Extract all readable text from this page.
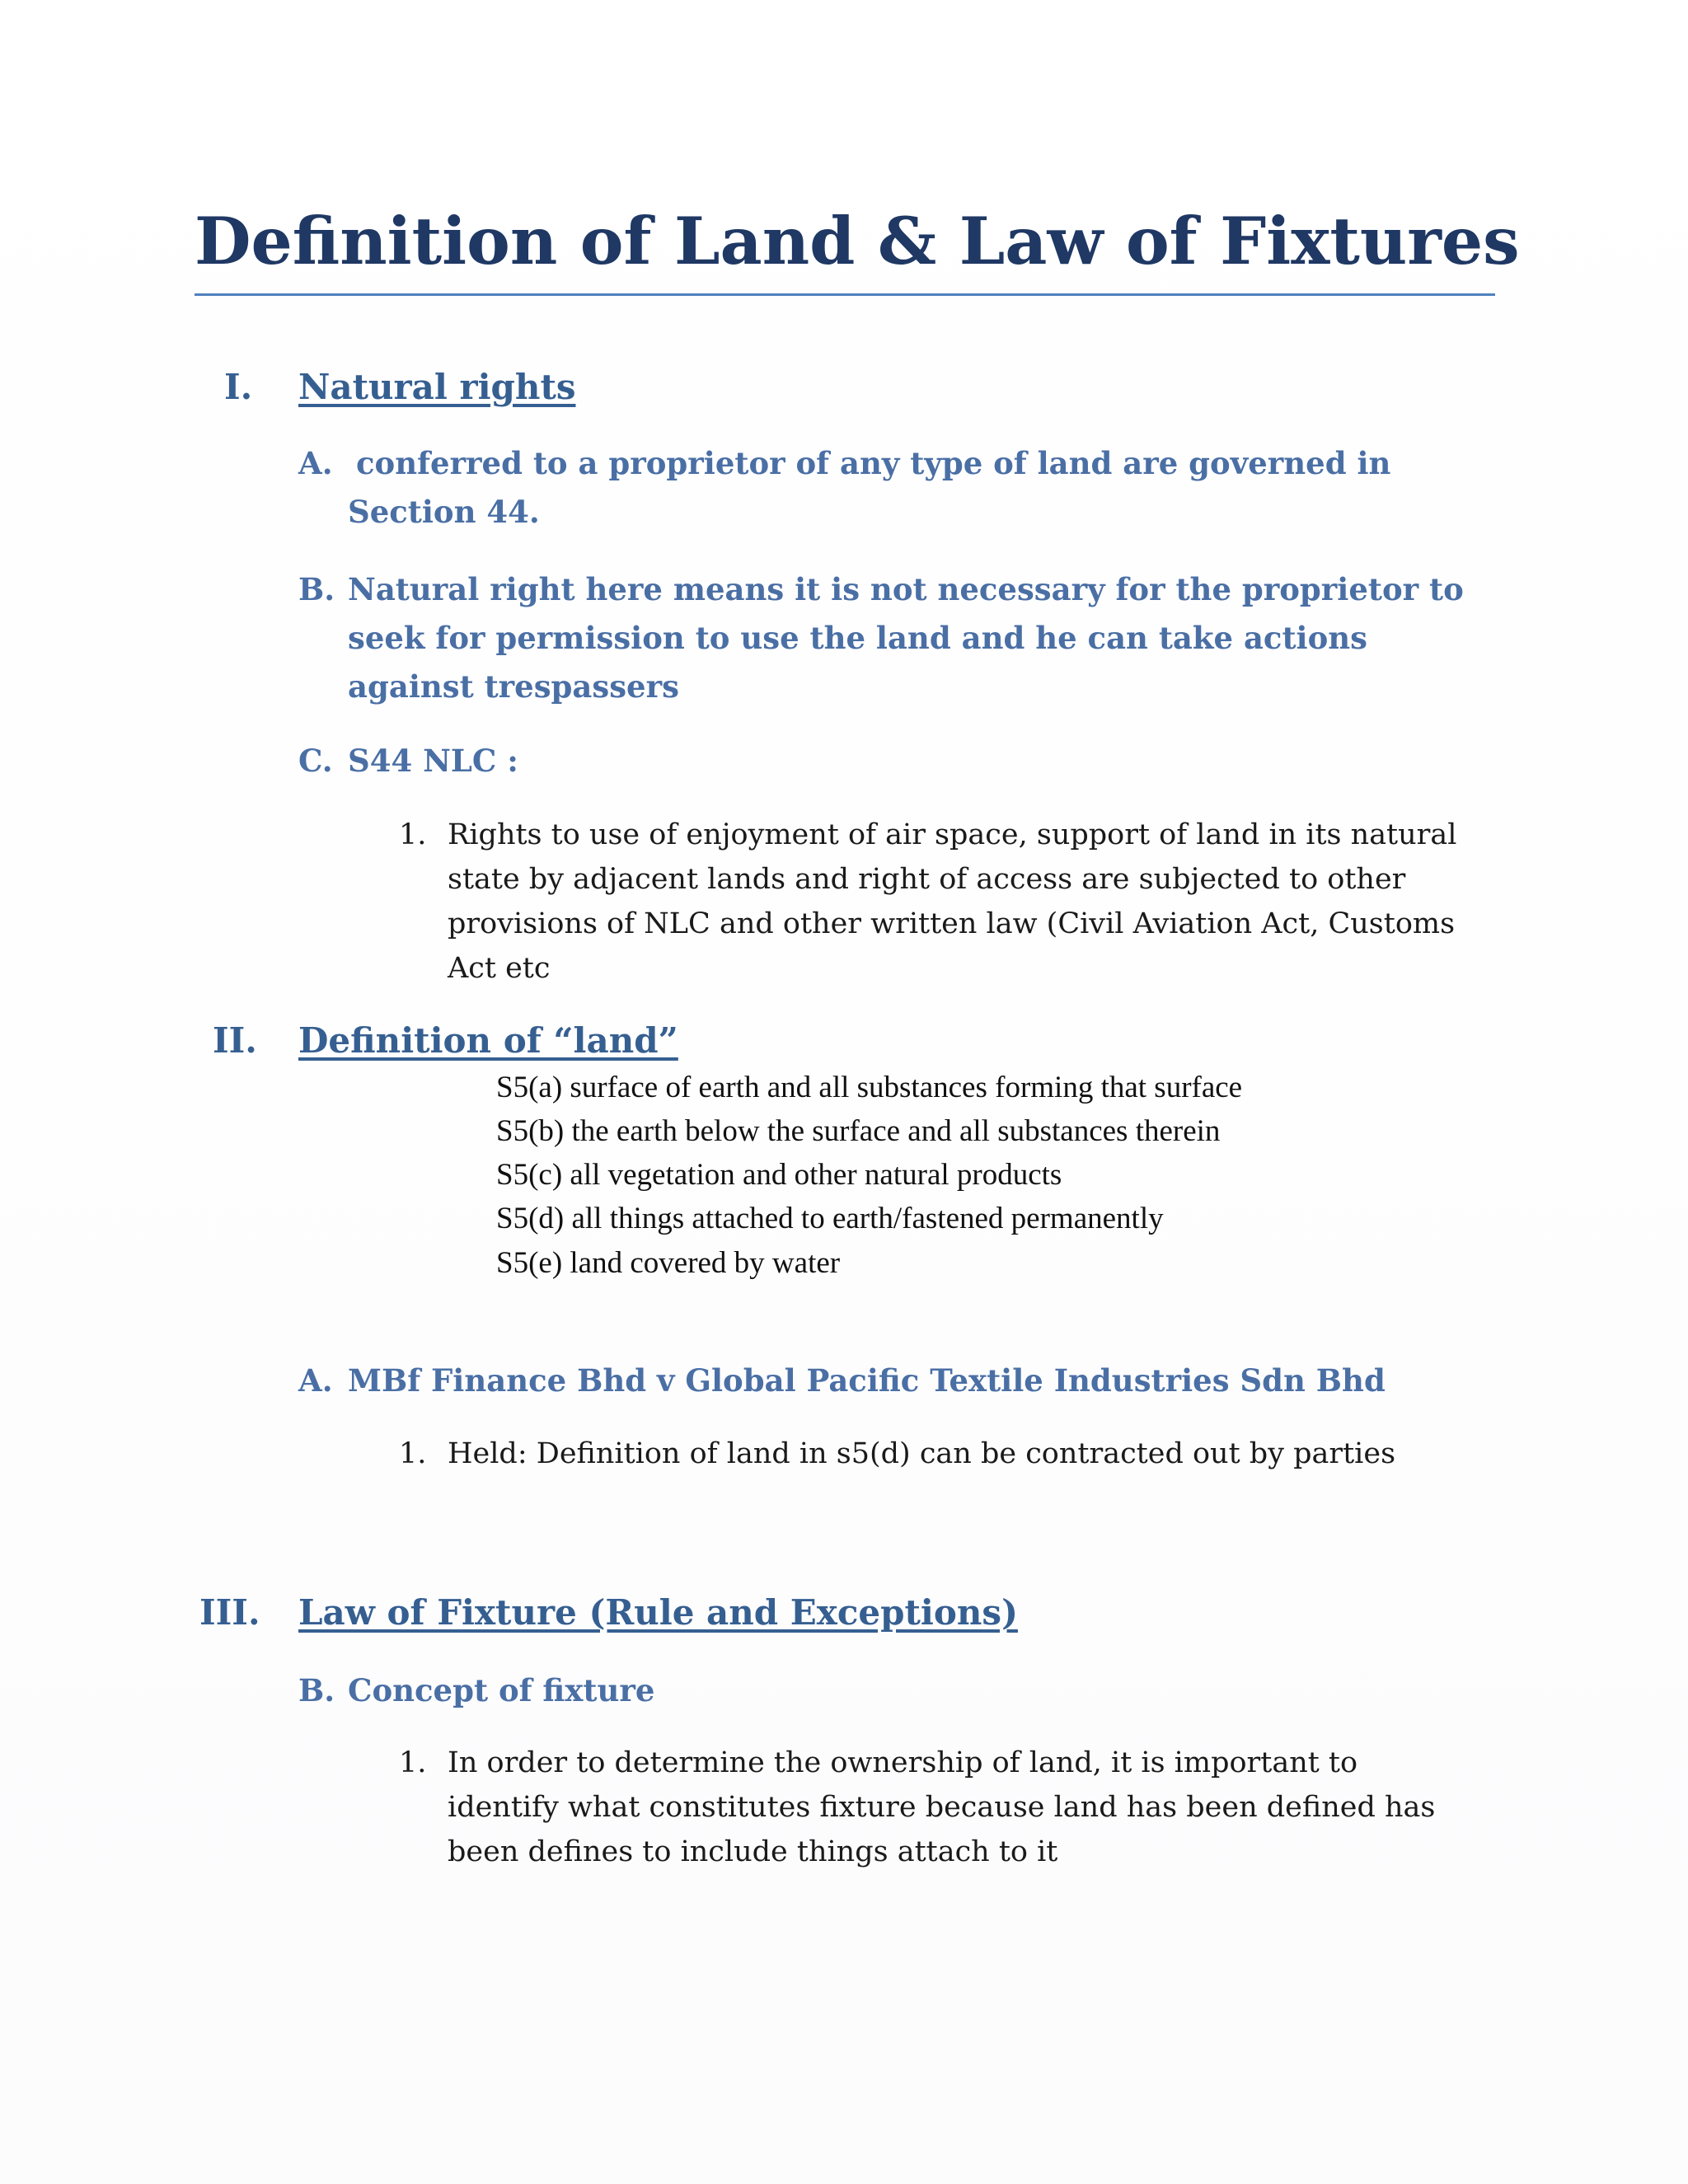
Definition of Land & Law of Fixtures
I. Natural rights
A. conferred to a proprietor of any type of land are governed in Section 44.
B. Natural right here means it is not necessary for the proprietor to seek for permission to use the land and he can take actions against trespassers
C. S44 NLC :
1. Rights to use of enjoyment of air space, support of land in its natural state by adjacent lands and right of access are subjected to other provisions of NLC and other written law (Civil Aviation Act, Customs Act etc
II. Definition of “land”
S5(a) surface of earth and all substances forming that surface
S5(b) the earth below the surface and all substances therein
S5(c) all vegetation and other natural products
S5(d) all things attached to earth/fastened permanently
S5(e) land covered by water
A. MBf Finance Bhd v Global Pacific Textile Industries Sdn Bhd
1. Held: Definition of land in s5(d) can be contracted out by parties
III. Law of Fixture (Rule and Exceptions)
B. Concept of fixture
1. In order to determine the ownership of land, it is important to identify what constitutes fixture because land has been defined has been defines to include things attach to it
